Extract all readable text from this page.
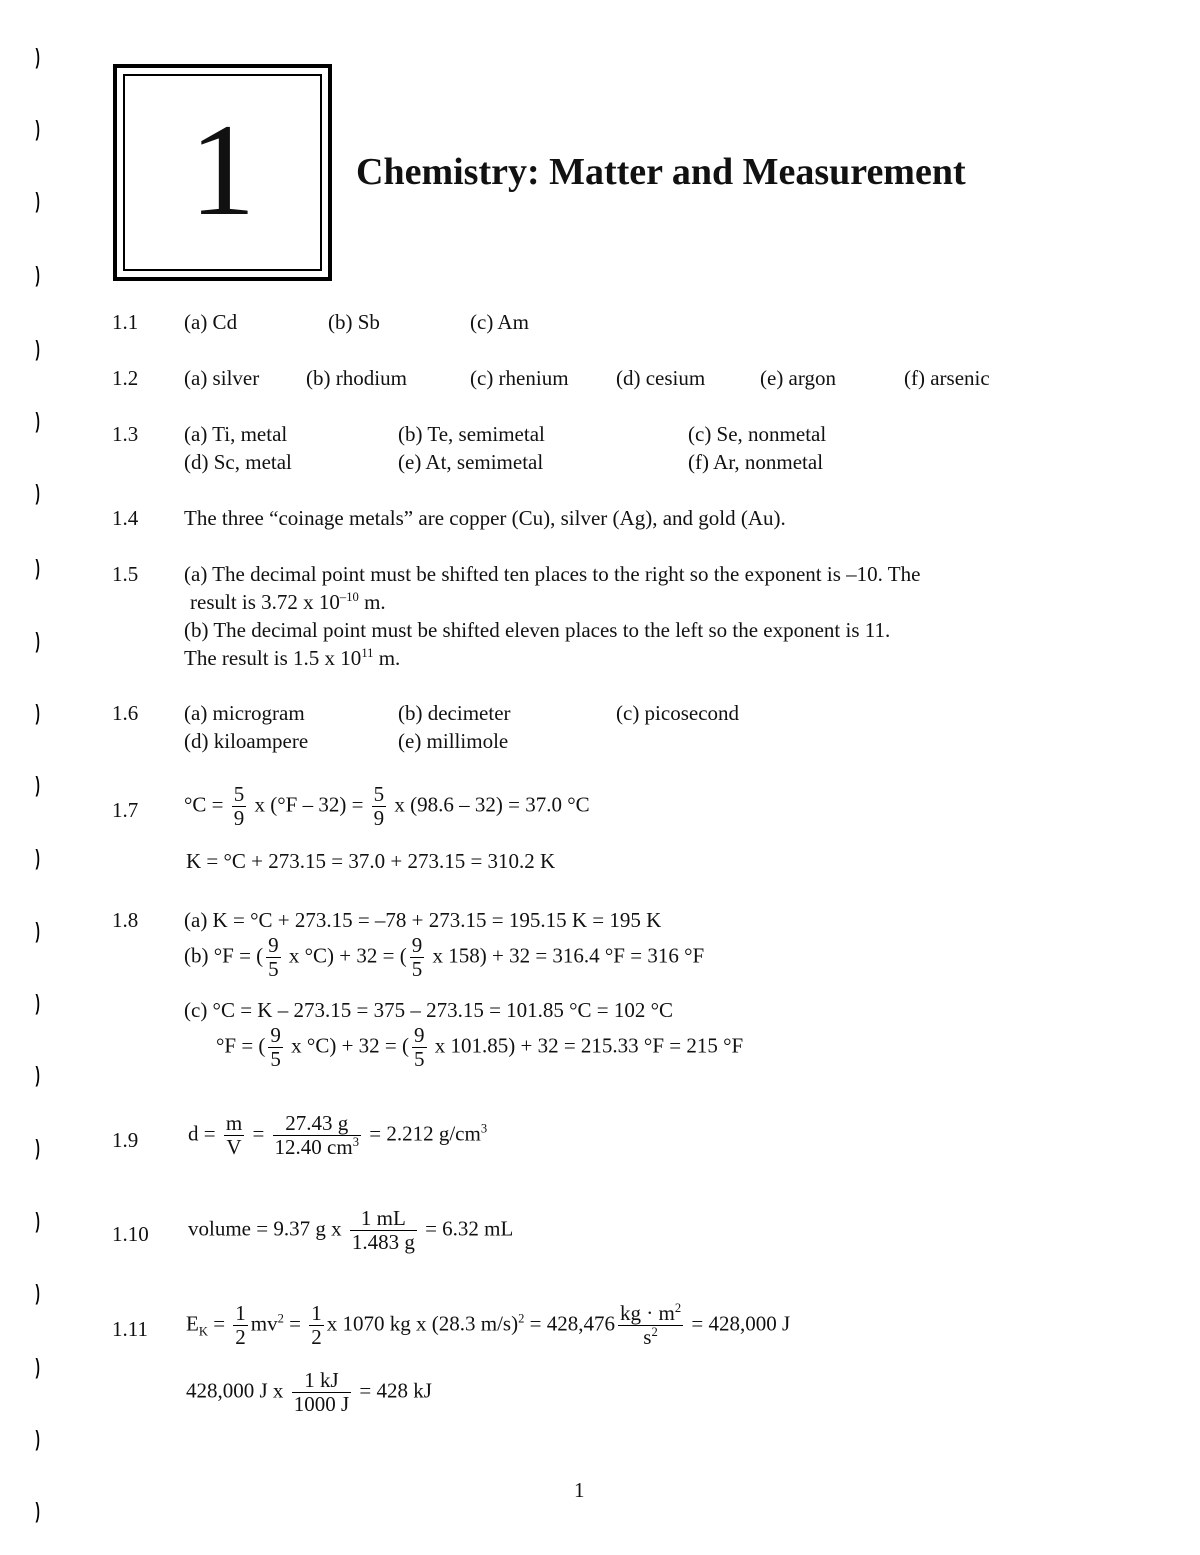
)
)
)
)
)
)
)
)
)
)
)
)
)
)
)
)
)
)
)
)
)
1	Chemistry: Matter and Measurement
1.1 (a) Cd	(b) Sb	(c) Am
1.2 (a) silver (b) rhodium	(c) rhenium (d) cesium	(e) argon	(f) arsenic
1.3 (a) Ti, metal	(b) Te, semimetal	(c) Se, nonmetal
(d) Sc, metal	(e) At, semimetal	(f) Ar, nonmetal
1.4 The three “coinage metals” are copper (Cu), silver (Ag), and gold (Au).
1.5 (a) The decimal point must be shifted ten places to the right so the exponent is –10. The
result is 3.72 x $10^{-10}$ m.
(b) The decimal point must be shifted eleven places to the left so the exponent is 11.
The result is 1.5 x $10^{11}$ m.
1.6 (a) microgram	(b) decimeter	(c) picosecond
(d) kiloampere	(e) millimole
1.7 $^\circ C = \frac{5}{9}$ x $(^\circ F - 32) = \frac{5}{9}$ x (98.6 – 32) = 37.0 °C
K = °C + 273.15 = 37.0 + 273.15 = 310.2 K
1.8 (a) K = °C + 273.15 = –78 + 273.15 = 195.15 K = 195 K
(b) °F = ( $\frac{9}{5}$ x °C) + 32 = ( $\frac{9}{5}$ x 158) + 32 = 316.4 °F = 316 °F
(c) °C = K – 273.15 = 375 – 273.15 = 101.85 °C = 102 °C
°F = ( $\frac{9}{5}$ x °C) + 32 = ( $\frac{9}{5}$ x 101.85) + 32 = 215.33 °F = 215 °F
1.9 $d = \frac{m}{V} = \frac{27.43 g}{12.40 cm^3} = 2.212$ $g/cm^3$
1.10 volume = 9.37 g x $\frac{1 mL}{1.483 g} = 6.32$ mL
1.11 $E_K = \frac{1}{2} mv^2 = \frac{1}{2}$ x 1070 kg x (28.3 $m/s)^2 = 428,476 \frac{kg \cdot m^2}{s^2} = 428,000$ J
428,000 J x $\frac{1 kJ}{1000 J} = 428$ kJ
1
